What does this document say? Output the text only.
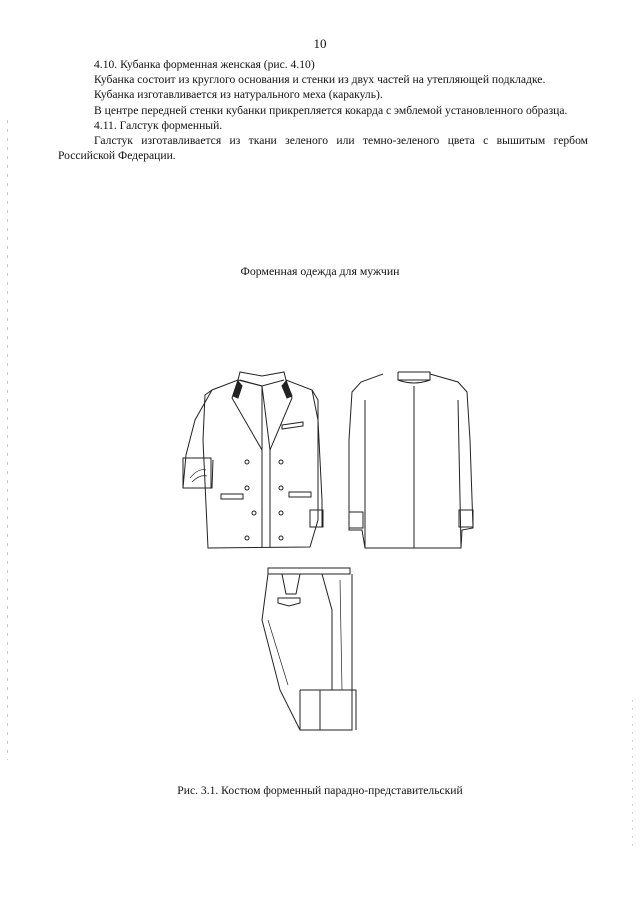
10

4.10. Кубанка форменная женская (рис. 4.10)

Кубанка состоит из круглого основания и стенки из двух частей на утепляющей подкладке.

Кубанка изготавливается из натурального меха (каракуль).

В центре передней стенки кубанки прикрепляется кокарда с эмблемой установленного образца.

4.11. Галстук форменный.

Галстук изготавливается из ткани зеленого или темно-зеленого цвета с вышитым гербом Российской Федерации.

Форменная одежда для мужчин
Рис. 3.1. Костюм форменный парадно-представительский
